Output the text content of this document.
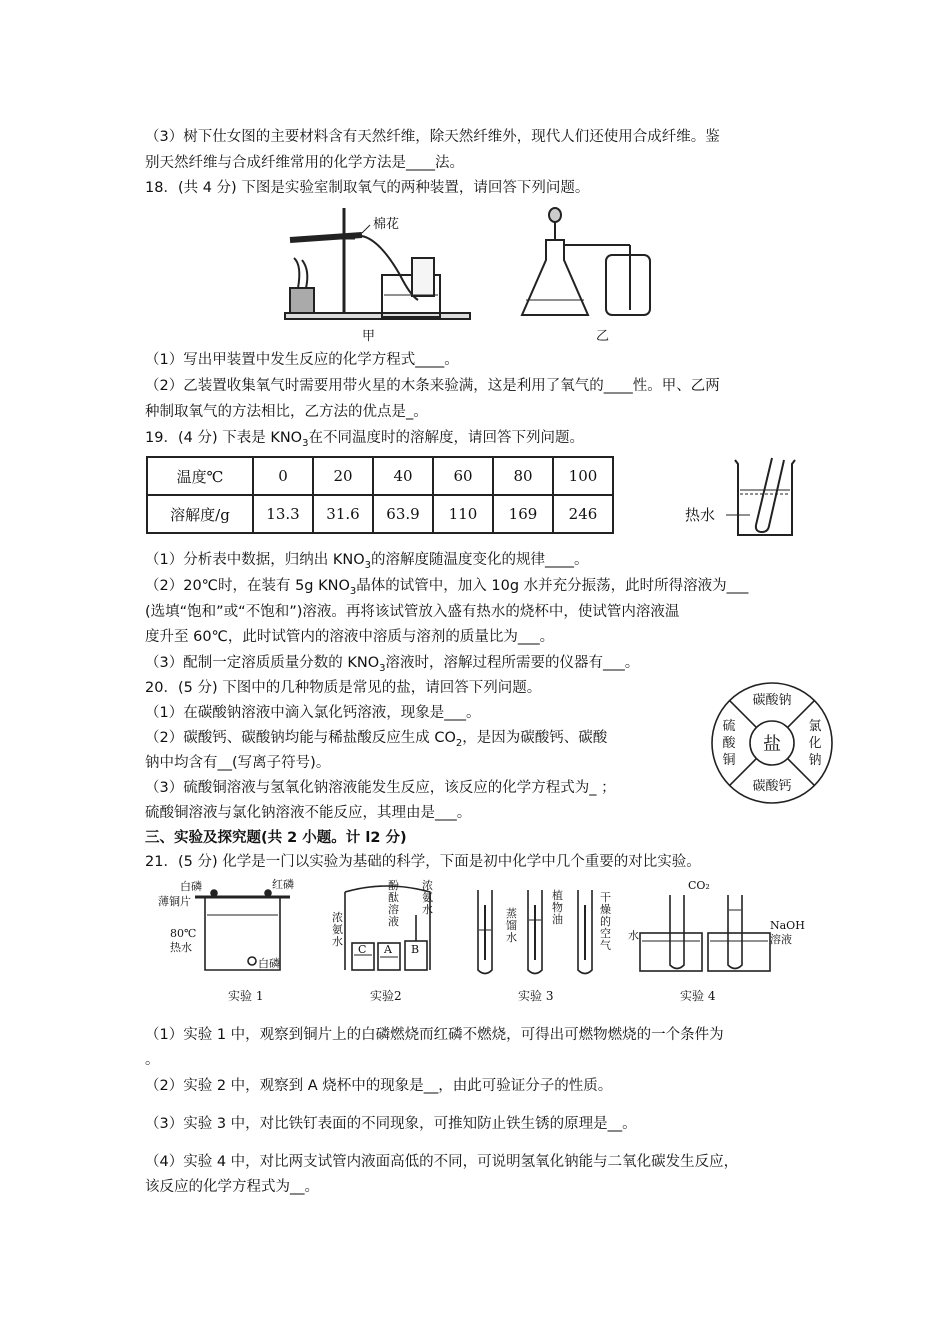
（3）树下仕女图的主要材料含有天然纤维，除天然纤维外，现代人们还使用合成纤维。鉴
别天然纤维与合成纤维常用的化学方法是____法。
18．(共 4 分) 下图是实验室制取氧气的两种装置，请回答下列问题。
棉花
甲	乙
（1）写出甲装置中发生反应的化学方程式____。
（2）乙装置收集氧气时需要用带火星的木条来验满，这是利用了氧气的____性。甲、乙两
种制取氧气的方法相比，乙方法的优点是_。
19．(4 分) 下表是 $KNO_3$在不同温度时的溶解度，请回答下列问题。
温度℃	0	20	40	60	80	100
溶解度/g	13.3	31.6	63.9	110	169	246	热水
（1）分析表中数据，归纳出 $KNO_3$的溶解度随温度变化的规律____。
（2）20℃时，在装有 5g $KNO_3$晶体的试管中，加入 10g 水并充分振荡，此时所得溶液为___
(选填“饱和”或“不饱和”)溶液。再将该试管放入盛有热水的烧杯中，使试管内溶液温
度升至 60℃，此时试管内的溶液中溶质与溶剂的质量比为___。
（3）配制一定溶质质量分数的 $KNO_3$溶液时，溶解过程所需要的仪器有___。
20．(5 分) 下图中的几种物质是常见的盐，请回答下列问题。
（1）在碳酸钠溶液中滴入氯化钙溶液，现象是___。
（2）碳酸钙、碳酸钠均能与稀盐酸反应生成 $CO_2$，是因为碳酸钙、碳酸
钠中均含有__(写离子符号)。
（3）硫酸铜溶液与氢氧化钠溶液能发生反应，该反应的化学方程式为_ ；
硫酸铜溶液与氯化钠溶液不能反应，其理由是___。
盐
碳酸钠
碳酸钙
硫
酸
铜
氯
化
钠
三、实验及探究题(共 2 小题。计 l2 分)
21．(5 分) 化学是一门以实验为基础的科学，下面是初中化学中几个重要的对比实验。
白磷	红磷
薄铜片
80℃
热水
白磷
浓
氨
水
酚
酞
溶
液
浓
氨
水
C A B
蒸
馏
水
植
物
油
干
燥
的
空
气
水
CO₂
NaOH
溶液
实验 1	实验2	实验 3	实验 4
（1）实验 1 中，观察到铜片上的白磷燃烧而红磷不燃烧，可得出可燃物燃烧的一个条件为
。
（2）实验 2 中，观察到 A 烧杯中的现象是__，由此可验证分子的性质。
（3）实验 3 中，对比铁钉表面的不同现象，可推知防止铁生锈的原理是__。
（4）实验 4 中，对比两支试管内液面高低的不同，可说明氢氧化钠能与二氧化碳发生反应，
该反应的化学方程式为__。
